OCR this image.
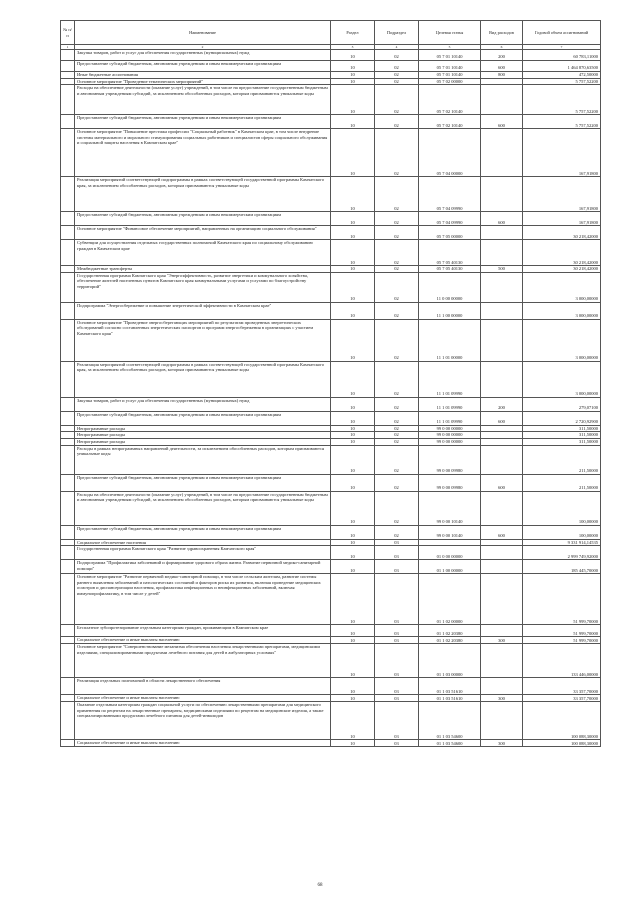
№ п/п	Наименование	Раздел	Подраздел	Целевая статья	Вид расходов	Годовой объем ассигнований
1	2	3	4	5	6	7
	Закупка товаров, работ и услуг для обеспечения государственных (муниципальных) нужд	10	02	05 7 01 10140	200	60 783,11000
	Предоставление субсидий бюджетным, автономным учреждениям и иным некоммерческим организациям	10	02	05 7 01 10140	600	1 464 870,63500
	Иные бюджетные ассигнования	10	02	05 7 01 10140	800	472,50000
	Основное мероприятие "Проведение тематических мероприятий"	10	02	05 7 02 00000		5 757,52200
	Расходы на обеспечение деятельности (оказание услуг) учреждений, в том числе на предоставление государственным бюджетным и автономным учреждениям субсидий, за исключением обособленных расходов, которым присваиваются уникальные коды	10	02	05 7 02 10140		5 757,52200
	Предоставление субсидий бюджетным, автономным учреждениям и иным некоммерческим организациям	10	02	05 7 02 10140	600	5 757,52200
	Основное мероприятие "Повышение престижа профессии "Социальный работник" в Камчатском крае, в том числе внедрение системы материального и морального стимулирования социальных работников и специалистов сферы социального обслуживания и социальной защиты населения в Камчатском крае"	10	02	05 7 04 00000		167,91800
	Реализация мероприятий соответствующей подпрограммы в рамках соответствующей государственной программы Камчатского края, за исключением обособленных расходов, которым присваиваются уникальные коды	10	02	05 7 04 09990		167,91800
	Предоставление субсидий бюджетным, автономным учреждениям и иным некоммерческим организациям	10	02	05 7 04 09990	600	167,91800
	Основное мероприятие "Финансовое обеспечение мероприятий, направленных на организацию социального обслуживания"	10	02	05 7 05 00000		30 218,42000
	Субвенции для осуществления отдельных государственных полномочий Камчатского края по социальному обслуживанию граждан в Камчатском крае	10	02	05 7 05 40130		30 218,42000
	Межбюджетные трансферты	10	02	05 7 05 40130	500	30 218,42000
	Государственная программа Камчатского края "Энергоэффективность, развитие энергетики и коммунального хозяйства, обеспечение жителей населенных пунктов Камчатского края коммунальными услугами и услугами по благоустройству территорий"	10	02	11 0 00 00000		3 000,00000
	Подпрограмма "Энергосбережение и повышение энергетической эффективности в Камчатском крае"	10	02	11 1 00 00000		3 000,00000
	Основное мероприятие "Проведение энергосберегающих мероприятий по результатам проведенных энергетических обследований согласно составленных энергетических паспортов и программ энергосбережения в организациях с участием Камчатского края"	10	02	11 1 01 00000		3 000,00000
	Реализация мероприятий соответствующей подпрограммы в рамках соответствующей государственной программы Камчатского края, за исключением обособленных расходов, которым присваиваются уникальные коды	10	02	11 1 01 09990		3 000,00000
	Закупка товаров, работ и услуг для обеспечения государственных (муниципальных) нужд	10	02	11 1 01 09990	200	279,07100
	Предоставление субсидий бюджетным, автономным учреждениям и иным некоммерческим организациям	10	02	11 1 01 09990	600	2 720,92900
	Непрограммные расходы	10	02	99 0 00 00000		311,50000
	Непрограммные расходы	10	02	99 0 00 00000		311,50000
	Непрограммные расходы	10	02	99 0 00 00000		311,50000
	Расходы в рамках непрограммных направлений деятельности, за исключением обособленных расходов, которым присваиваются уникальные коды	10	02	99 0 00 09980		211,50000
	Предоставление субсидий бюджетным, автономным учреждениям и иным некоммерческим организациям	10	02	99 0 00 09980	600	211,50000
	Расходы на обеспечение деятельности (оказание услуг) учреждений, в том числе на предоставление государственным бюджетным и автономным учреждениям субсидий, за исключением обособленных расходов, которым присваиваются уникальные коды	10	02	99 0 00 10140		100,00000
	Предоставление субсидий бюджетным, автономным учреждениям и иным некоммерческим организациям	10	02	99 0 00 10140	600	100,00000
	Социальное обеспечение населения	10	03			9 331 914,14535
	Государственная программа Камчатского края "Развитие здравоохранения Камчатского края"	10	03	01 0 00 00000		2 999 749,92000
	Подпрограмма "Профилактика заболеваний и формирование здорового образа жизни. Развитие первичной медико-санитарной помощи"	10	03	01 1 00 00000		185 445,70000
	Основное мероприятие "Развитие первичной медико-санитарной помощи, в том числе сельским жителям, развитие системы раннего выявления заболеваний и патологических состояний и факторов риска их развития, включая проведение медицинских осмотров и диспансеризации населения, профилактика инфекционных и неинфекционных заболеваний, включая иммунопрофилактику, в том числе у детей"	10	03	01 1 02 00000		51 999,70000
	Бесплатное зубопротезирование отдельным категориям граждан, проживающим в Камчатском крае	10	03	01 1 02 20380		51 999,70000
	Социальное обеспечение и иные выплаты населению	10	03	01 1 02 20380	300	51 999,70000
	Основное мероприятие "Совершенствование механизма обеспечения населения лекарственными препаратами, медицинскими изделиями, специализированными продуктами лечебного питания для детей в амбулаторных условиях"	10	03	01 1 03 00000		133 446,00000
	Реализация отдельных полномочий в области лекарственного обеспечения	10	03	01 1 03 51610		33 357,70000
	Социальное обеспечение и иные выплаты населению	10	03	01 1 03 51610	300	33 357,70000
	Оказание отдельным категориям граждан социальной услуги по обеспечению лекарственными препаратами для медицинского применения по рецептам на лекарственные препараты, медицинскими изделиями по рецептам на медицинские изделия, а также специализированными продуктами лечебного питания для детей-инвалидов	10	03	01 1 03 54600		100 088,30000
	Социальное обеспечение и иные выплаты населению	10	03	01 1 03 54600	300	100 088,30000
68
